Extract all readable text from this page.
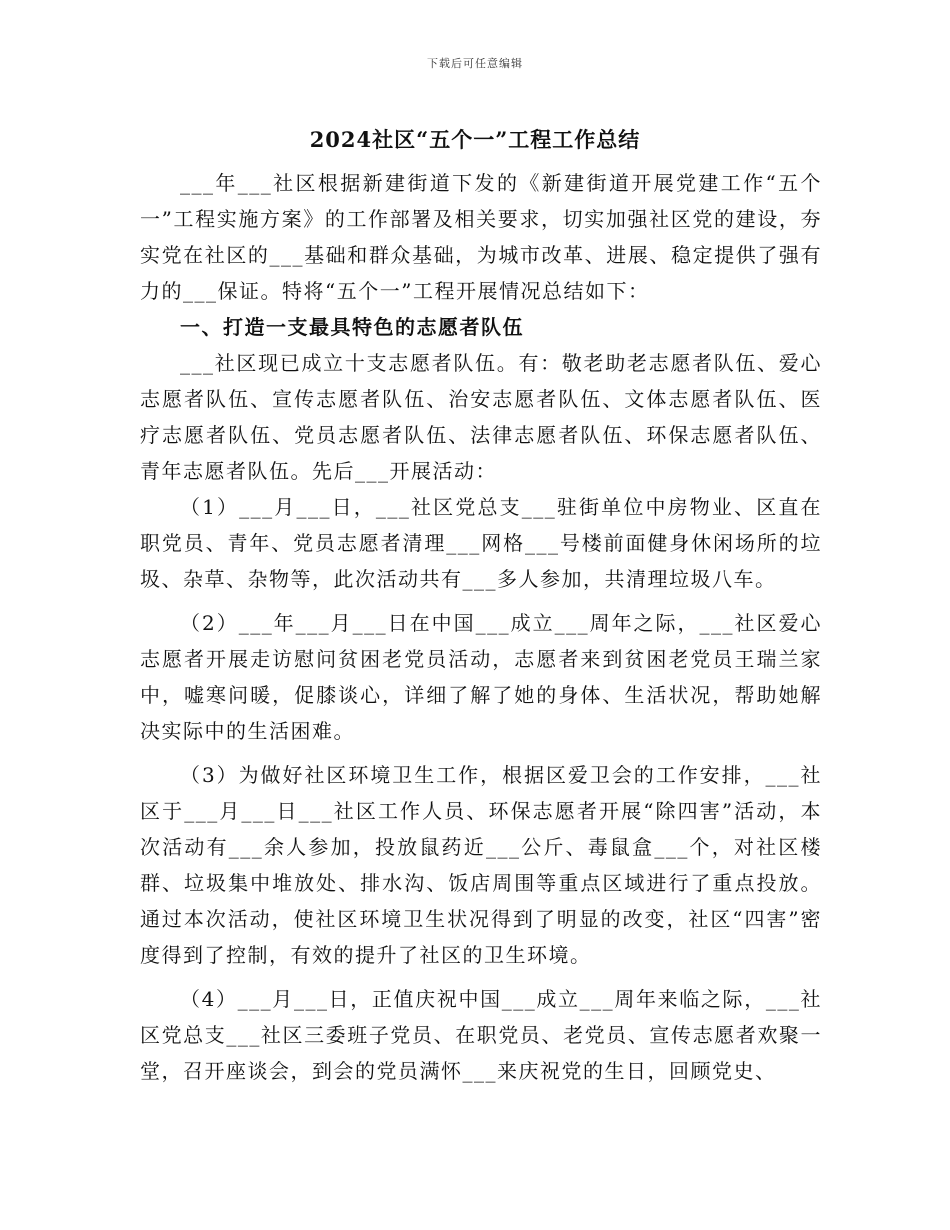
下载后可任意编辑
2024社区“五个一”工程工作总结

___年___社区根据新建街道下发的《新建街道开展党建工作“五个一”工程实施方案》的工作部署及相关要求，切实加强社区党的建设，夯实党在社区的___基础和群众基础，为城市改革、进展、稳定提供了强有力的___保证。特将“五个一”工程开展情况总结如下：

一、打造一支最具特色的志愿者队伍

___社区现已成立十支志愿者队伍。有：敬老助老志愿者队伍、爱心志愿者队伍、宣传志愿者队伍、治安志愿者队伍、文体志愿者队伍、医疗志愿者队伍、党员志愿者队伍、法律志愿者队伍、环保志愿者队伍、青年志愿者队伍。先后___开展活动：

（1）___月___日，___社区党总支___驻街单位中房物业、区直在职党员、青年、党员志愿者清理___网格___号楼前面健身休闲场所的垃圾、杂草、杂物等，此次活动共有___多人参加，共清理垃圾八车。

（2）___年___月___日在中国___成立___周年之际，___社区爱心志愿者开展走访慰问贫困老党员活动，志愿者来到贫困老党员王瑞兰家中，嘘寒问暖，促膝谈心，详细了解了她的身体、生活状况，帮助她解决实际中的生活困难。

（3）为做好社区环境卫生工作，根据区爱卫会的工作安排，___社区于___月___日___社区工作人员、环保志愿者开展“除四害”活动，本次活动有___余人参加，投放鼠药近___公斤、毒鼠盒___个，对社区楼群、垃圾集中堆放处、排水沟、饭店周围等重点区域进行了重点投放。通过本次活动，使社区环境卫生状况得到了明显的改变，社区“四害”密度得到了控制，有效的提升了社区的卫生环境。

（4）___月___日，正值庆祝中国___成立___周年来临之际，___社区党总支___社区三委班子党员、在职党员、老党员、宣传志愿者欢聚一堂，召开座谈会，到会的党员满怀___来庆祝党的生日，回顾党史、
